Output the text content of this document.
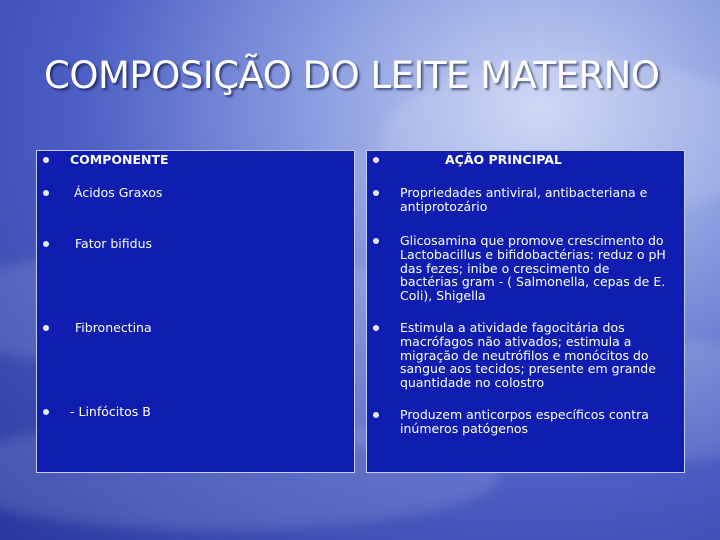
COMPOSIÇÃO DO LEITE MATERNO
COMPONENTE
Ácidos Graxos
Fator bifidus
Fibronectina
- Linfócitos B
AÇÃO PRINCIPAL
Propriedades antiviral, antibacteriana e antiprotozário
Glicosamina que promove crescimento do Lactobacillus e bifidobactérias: reduz o pH das fezes; inibe o crescimento de bactérias gram - ( Salmonella, cepas de E. Coli), Shigella
Estimula a atividade fagocitária dos macrófagos não ativados; estimula a migração de neutrófilos e monócitos do sangue aos tecidos; presente em grande quantidade no colostro
Produzem anticorpos específicos contra inúmeros patógenos
